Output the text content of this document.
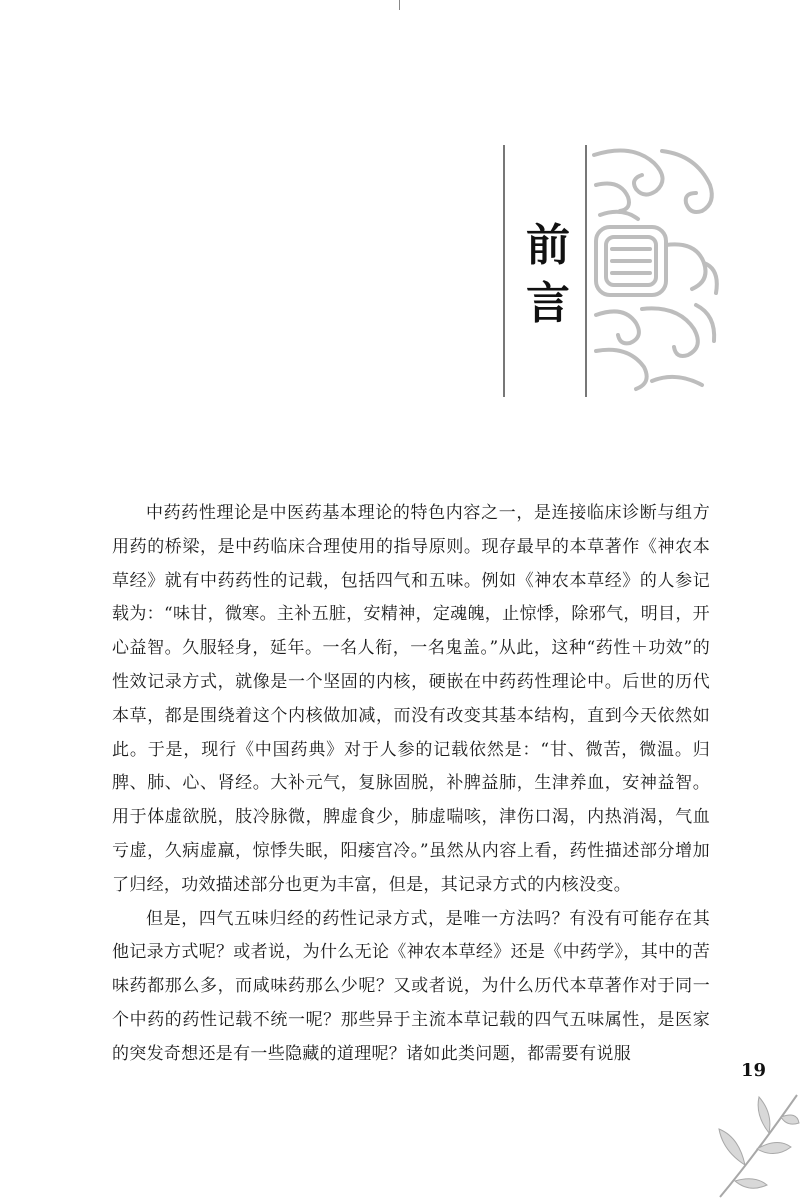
前
言

中药药性理论是中医药基本理论的特色内容之一，是连接临床诊断与组方用药的桥梁，是中药临床合理使用的指导原则。现存最早的本草著作《神农本草经》就有中药药性的记载，包括四气和五味。例如《神农本草经》的人参记载为：“味甘，微寒。主补五脏，安精神，定魂魄，止惊悸，除邪气，明目，开心益智。久服轻身，延年。一名人衔，一名鬼盖。”从此，这种“药性＋功效”的性效记录方式，就像是一个坚固的内核，硬嵌在中药药性理论中。后世的历代本草，都是围绕着这个内核做加减，而没有改变其基本结构，直到今天依然如此。于是，现行《中国药典》对于人参的记载依然是：“甘、微苦，微温。归脾、肺、心、肾经。大补元气，复脉固脱，补脾益肺，生津养血，安神益智。用于体虚欲脱，肢冷脉微，脾虚食少，肺虚喘咳，津伤口渴，内热消渴，气血亏虚，久病虚羸，惊悸失眠，阳痿宫冷。”虽然从内容上看，药性描述部分增加了归经，功效描述部分也更为丰富，但是，其记录方式的内核没变。

但是，四气五味归经的药性记录方式，是唯一方法吗？有没有可能存在其他记录方式呢？或者说，为什么无论《神农本草经》还是《中药学》，其中的苦味药都那么多，而咸味药那么少呢？又或者说，为什么历代本草著作对于同一个中药的药性记载不统一呢？那些异于主流本草记载的四气五味属性，是医家的突发奇想还是有一些隐藏的道理呢？诸如此类问题，都需要有说服

19
